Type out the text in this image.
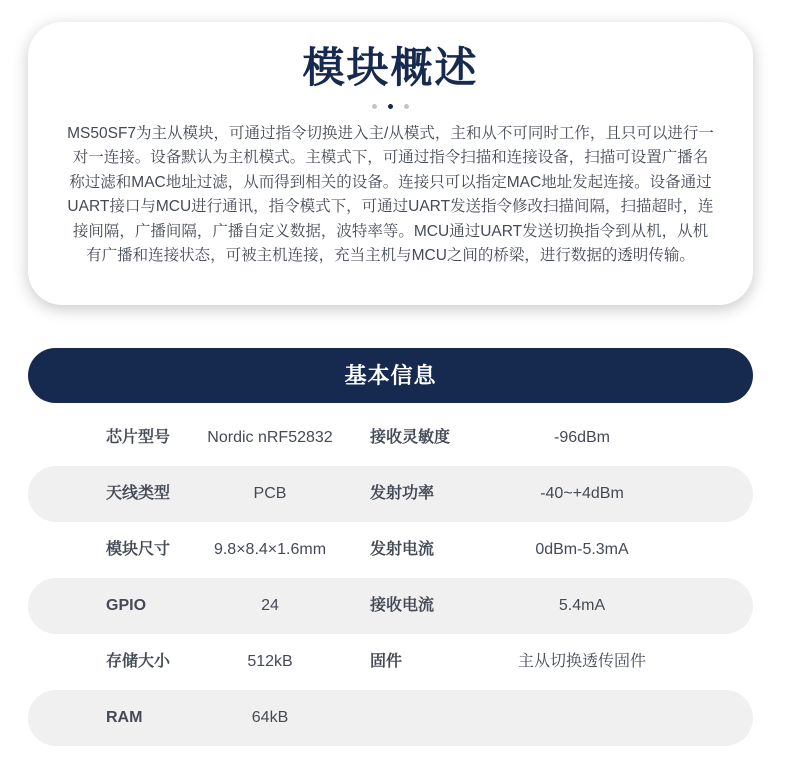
模块概述

MS50SF7为主从模块，可通过指令切换进入主/从模式，主和从不可同时工作，且只可以进行一对一连接。设备默认为主机模式。主模式下，可通过指令扫描和连接设备，扫描可设置广播名称过滤和MAC地址过滤，从而得到相关的设备。连接只可以指定MAC地址发起连接。设备通过UART接口与MCU进行通讯，指令模式下，可通过UART发送指令修改扫描间隔，扫描超时，连接间隔，广播间隔，广播自定义数据，波特率等。MCU通过UART发送切换指令到从机，从机有广播和连接状态，可被主机连接，充当主机与MCU之间的桥梁，进行数据的透明传输。

基本信息
芯片型号	Nordic nRF52832	接收灵敏度	-96dBm
天线类型	PCB	发射功率	-40~+4dBm
模块尺寸	9.8×8.4×1.6mm	发射电流	0dBm-5.3mA
GPIO	24	接收电流	5.4mA
存储大小	512kB	固件	主从切换透传固件
RAM	64kB
